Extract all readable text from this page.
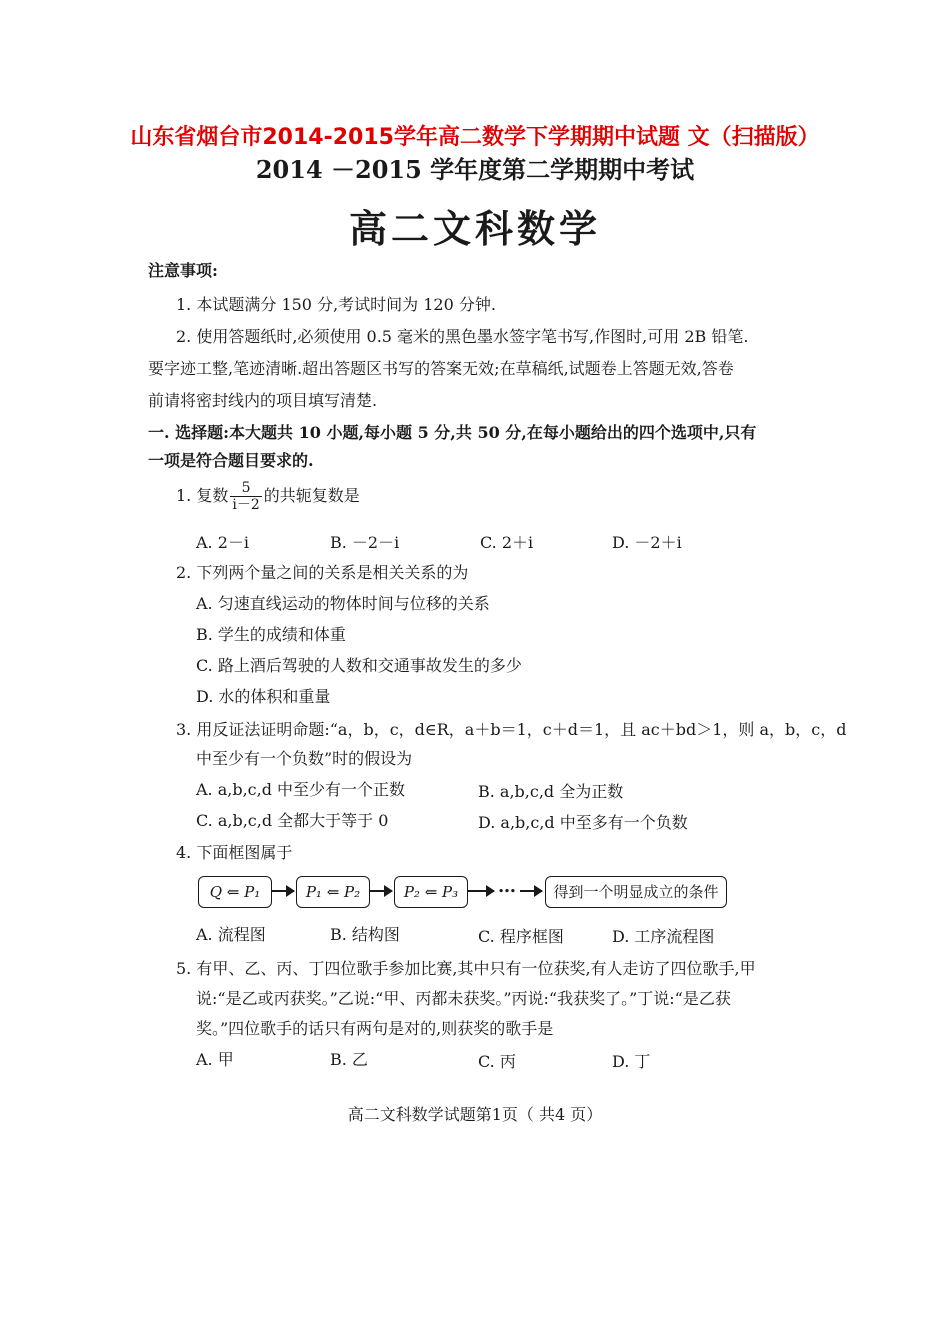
山东省烟台市2014-2015学年高二数学下学期期中试题 文（扫描版）
2014 －2015 学年度第二学期期中考试
高二文科数学
注意事项:
1. 本试题满分 150 分,考试时间为 120 分钟.
2. 使用答题纸时,必须使用 0.5 毫米的黑色墨水签字笔书写,作图时,可用 2B 铅笔.
要字迹工整,笔迹清晰.超出答题区书写的答案无效;在草稿纸,试题卷上答题无效,答卷
前请将密封线内的项目填写清楚.
一. 选择题:本大题共 10 小题,每小题 5 分,共 50 分,在每小题给出的四个选项中,只有
一项是符合题目要求的.
1. 复数 $\frac{5}{i-2}$ 的共轭复数是
A. 2－i	B. －2－i	C. 2＋i	D. －2＋i
2. 下列两个量之间的关系是相关关系的为
A. 匀速直线运动的物体时间与位移的关系
B. 学生的成绩和体重
C. 路上酒后驾驶的人数和交通事故发生的多少
D. 水的体积和重量
3. 用反证法证明命题:“a，b，c，d∈R，a＋b＝1，c＋d＝1，且 ac＋bd＞1，则 a，b，c，d
中至少有一个负数”时的假设为
A. a,b,c,d 中至少有一个正数	B. a,b,c,d 全为正数
C. a,b,c,d 全都大于等于 0	D. a,b,c,d 中至多有一个负数
4. 下面框图属于
Q ⇐ P₁	P₁ ⇐ P₂	P₂ ⇐ P₃	…	得到一个明显成立的条件
A. 流程图	B. 结构图	C. 程序框图	D. 工序流程图
5. 有甲、乙、丙、丁四位歌手参加比赛,其中只有一位获奖,有人走访了四位歌手,甲
说:“是乙或丙获奖。”乙说:“甲、丙都未获奖。”丙说:“我获奖了。”丁说:“是乙获
奖。”四位歌手的话只有两句是对的,则获奖的歌手是
A. 甲	B. 乙	C. 丙	D. 丁
高二文科数学试题第1页（ 共4 页）
